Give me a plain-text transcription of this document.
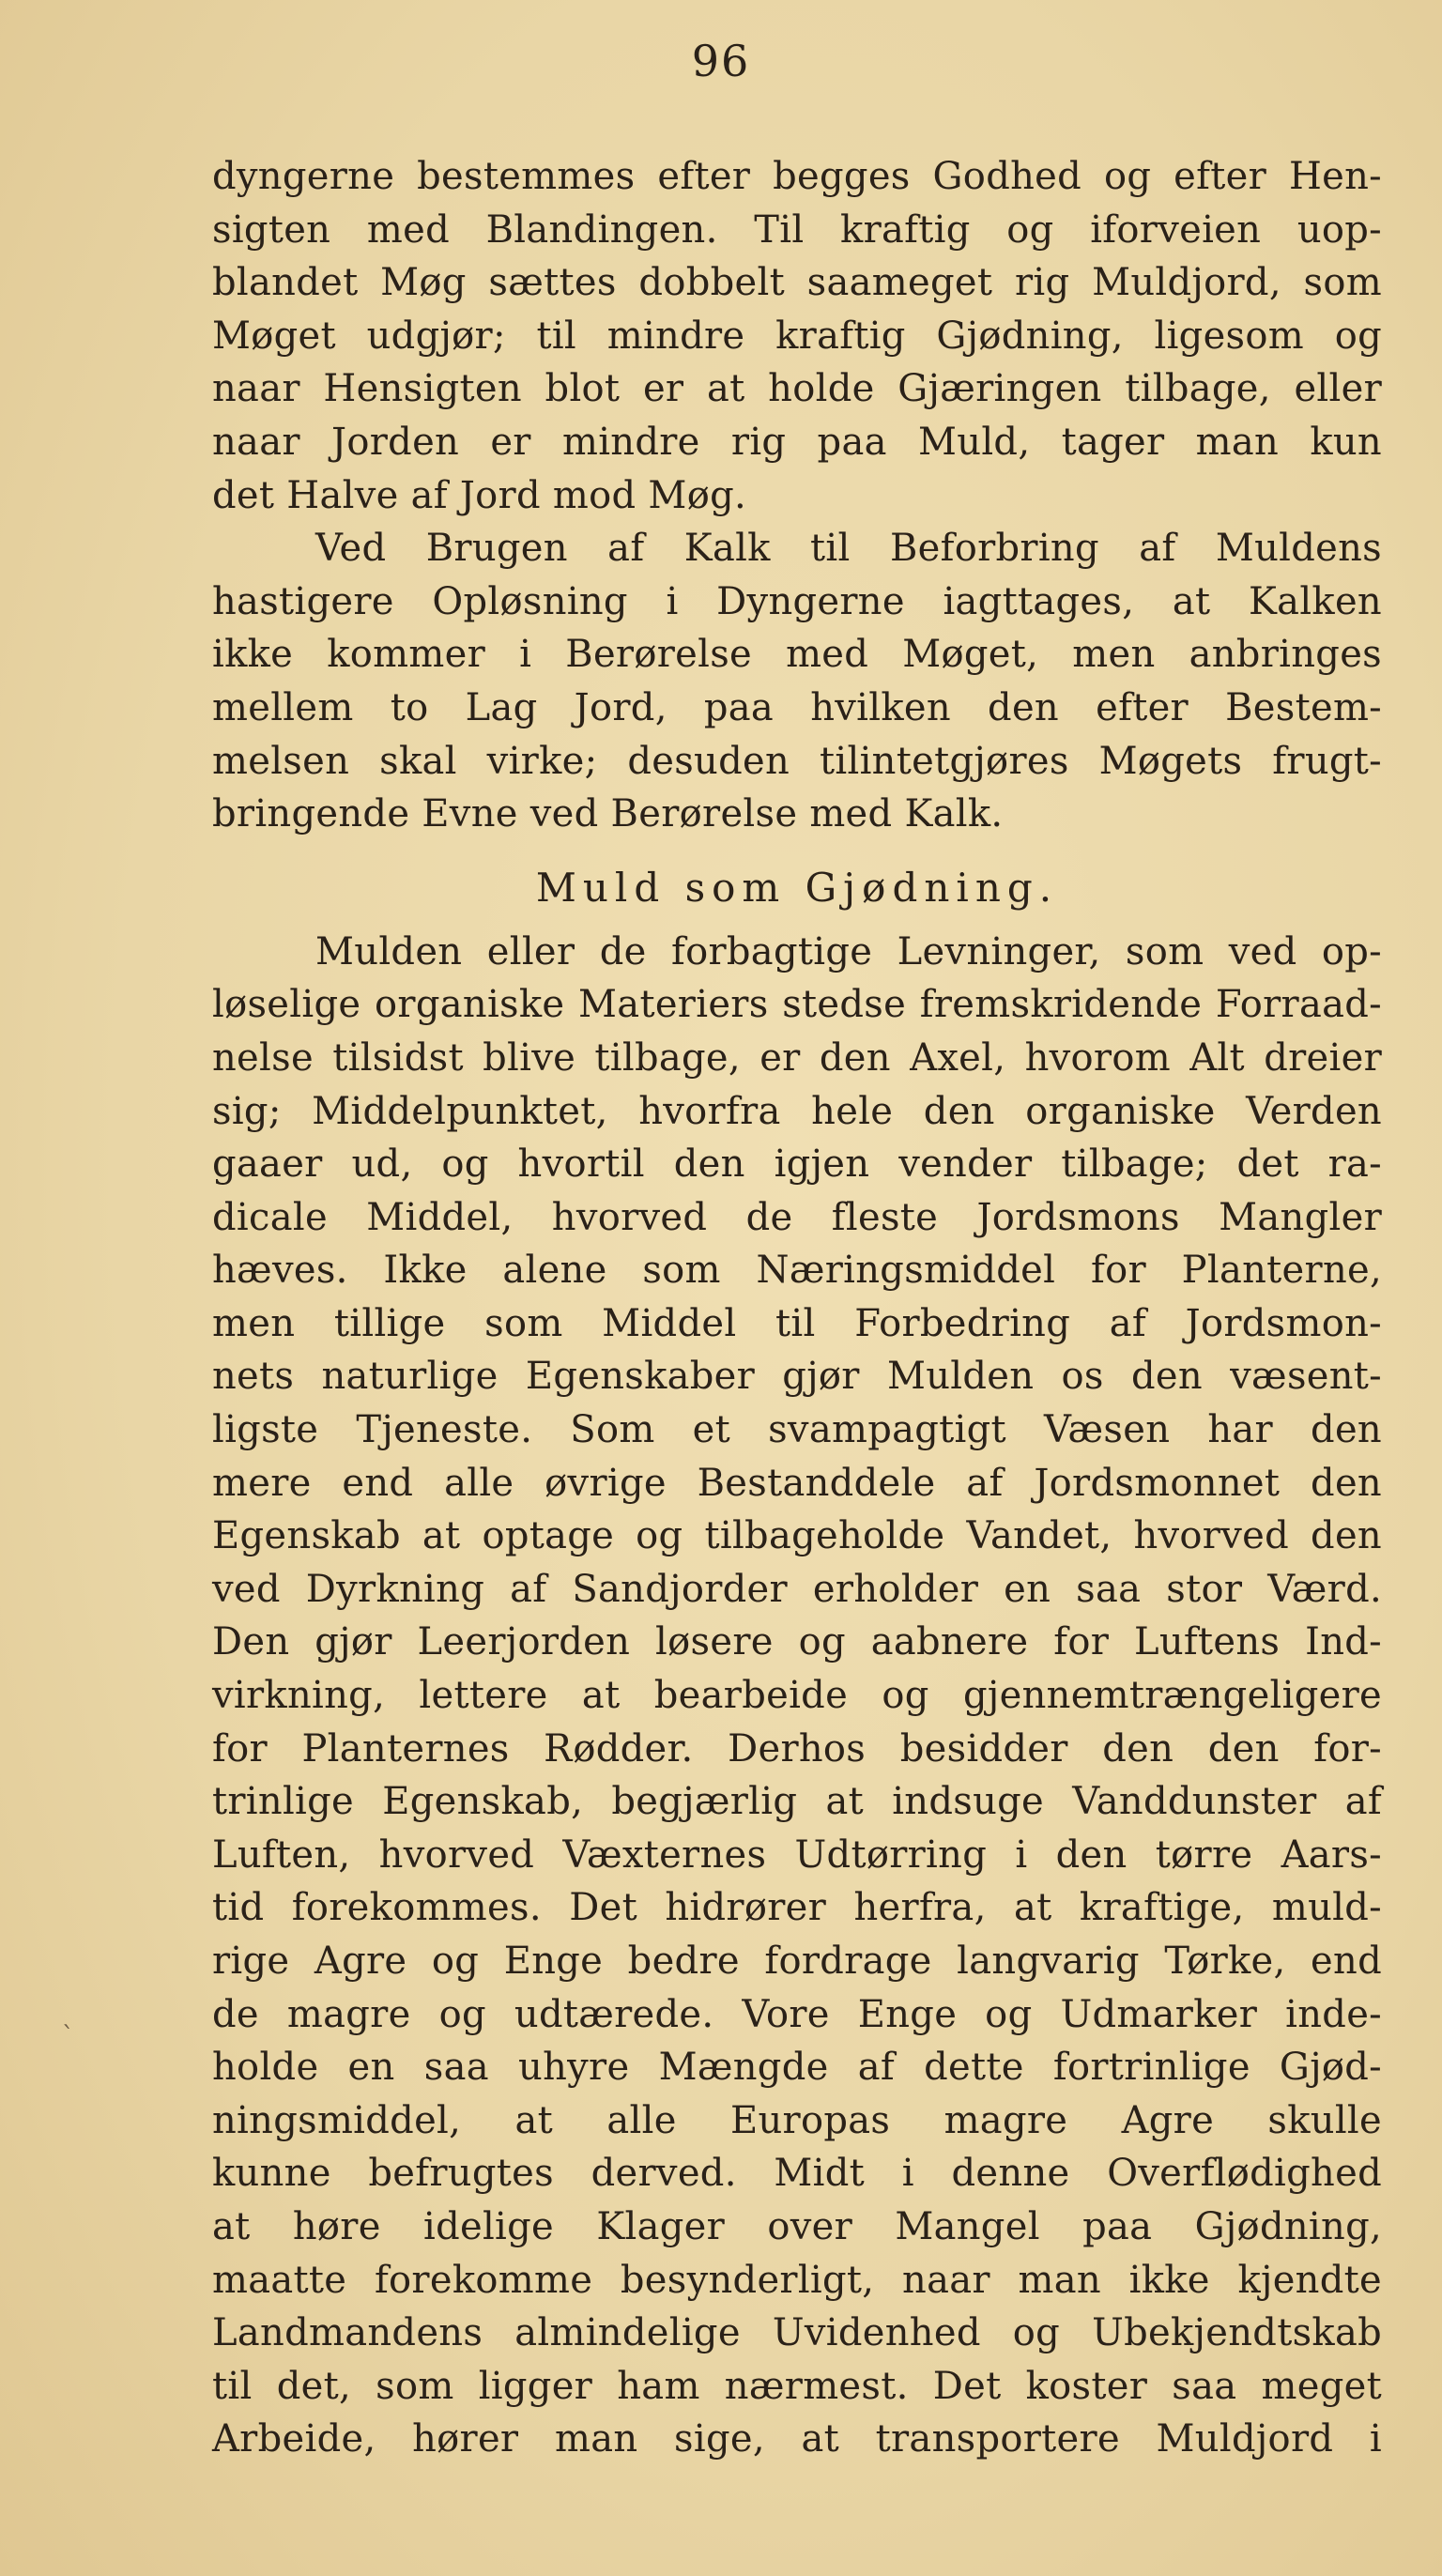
96
dyngerne bestemmes efter begges Godhed og efter Hen-
sigten med Blandingen. Til kraftig og iforveien uop-
blandet Møg sættes dobbelt saameget rig Muldjord, som
Møget udgjør; til mindre kraftig Gjødning, ligesom og
naar Hensigten blot er at holde Gjæringen tilbage, eller
naar Jorden er mindre rig paa Muld, tager man kun
det Halve af Jord mod Møg.
Ved Brugen af Kalk til Beforbring af Muldens
hastigere Opløsning i Dyngerne iagttages, at Kalken
ikke kommer i Berørelse med Møget, men anbringes
mellem to Lag Jord, paa hvilken den efter Bestem-
melsen skal virke; desuden tilintetgjøres Møgets frugt-
bringende Evne ved Berørelse med Kalk.
Muld som Gjødning.
Mulden eller de forbagtige Levninger, som ved op-
løselige organiske Materiers stedse fremskridende Forraad-
nelse tilsidst blive tilbage, er den Axel, hvorom Alt dreier
sig; Middelpunktet, hvorfra hele den organiske Verden
gaaer ud, og hvortil den igjen vender tilbage; det ra-
dicale Middel, hvorved de fleste Jordsmons Mangler
hæves. Ikke alene som Næringsmiddel for Planterne,
men tillige som Middel til Forbedring af Jordsmon-
nets naturlige Egenskaber gjør Mulden os den væsent-
ligste Tjeneste. Som et svampagtigt Væsen har den
mere end alle øvrige Bestanddele af Jordsmonnet den
Egenskab at optage og tilbageholde Vandet, hvorved den
ved Dyrkning af Sandjorder erholder en saa stor Værd.
Den gjør Leerjorden løsere og aabnere for Luftens Ind-
virkning, lettere at bearbeide og gjennemtrængeligere
for Planternes Rødder. Derhos besidder den den for-
trinlige Egenskab, begjærlig at indsuge Vanddunster af
Luften, hvorved Væxternes Udtørring i den tørre Aars-
tid forekommes. Det hidrører herfra, at kraftige, muld-
rige Agre og Enge bedre fordrage langvarig Tørke, end
de magre og udtærede. Vore Enge og Udmarker inde-
holde en saa uhyre Mængde af dette fortrinlige Gjød-
ningsmiddel, at alle Europas magre Agre skulle
kunne befrugtes derved. Midt i denne Overflødighed
at høre idelige Klager over Mangel paa Gjødning,
maatte forekomme besynderligt, naar man ikke kjendte
Landmandens almindelige Uvidenhed og Ubekjendtskab
til det, som ligger ham nærmest. Det koster saa meget
Arbeide, hører man sige, at transportere Muldjord i
`
